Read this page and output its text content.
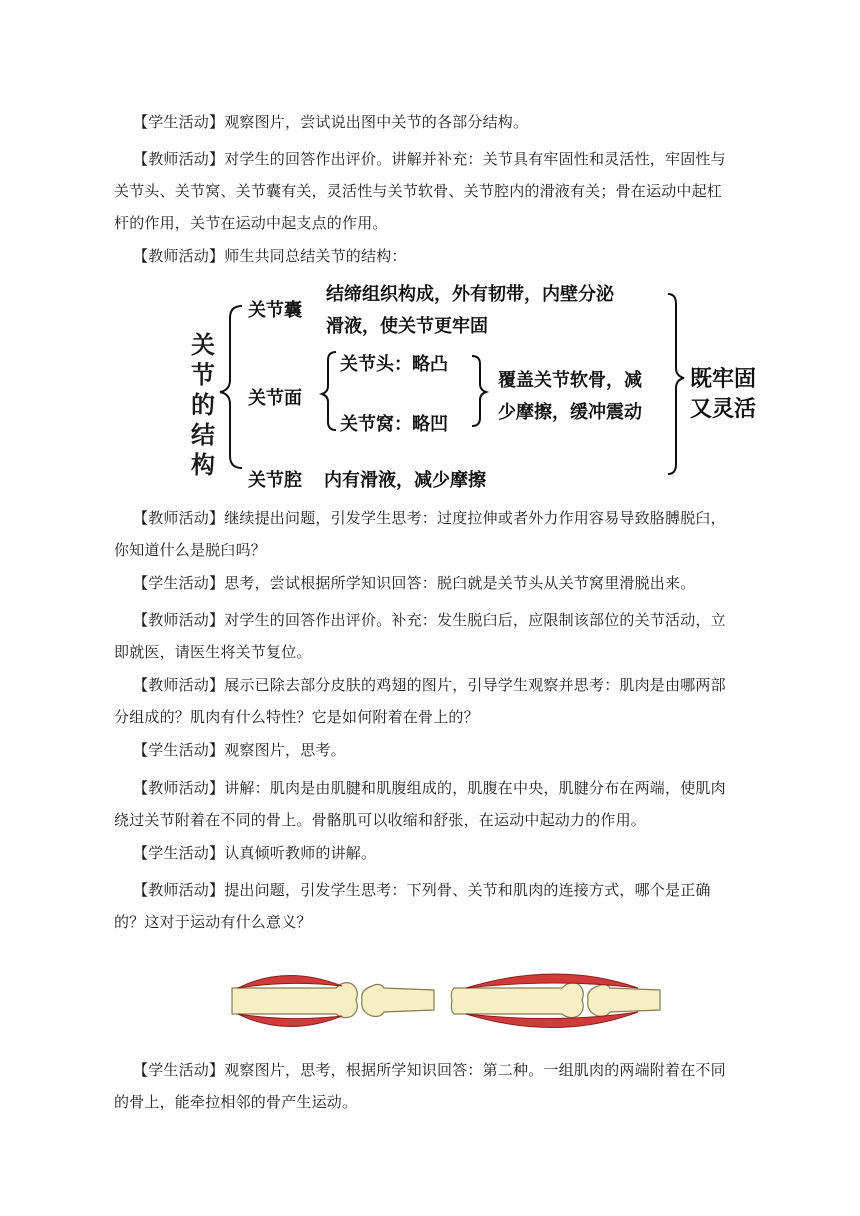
【学生活动】观察图片，尝试说出图中关节的各部分结构。

【教师活动】对学生的回答作出评价。讲解并补充：关节具有牢固性和灵活性，牢固性与关节头、关节窝、关节囊有关，灵活性与关节软骨、关节腔内的滑液有关；骨在运动中起杠杆的作用，关节在运动中起支点的作用。

【教师活动】师生共同总结关节的结构：

关
节
的
结
构
关节囊
结缔组织构成，外有韧带，内壁分泌
滑液，使关节更牢固
关节面
关节头：略凸
关节窝：略凹
覆盖关节软骨，减
少摩擦，缓冲震动
关节腔 内有滑液，减少摩擦
既牢固
又灵活

【教师活动】继续提出问题，引发学生思考：过度拉伸或者外力作用容易导致胳膊脱臼，你知道什么是脱臼吗？

【学生活动】思考，尝试根据所学知识回答：脱臼就是关节头从关节窝里滑脱出来。

【教师活动】对学生的回答作出评价。补充：发生脱臼后，应限制该部位的关节活动，立即就医，请医生将关节复位。

【教师活动】展示已除去部分皮肤的鸡翅的图片，引导学生观察并思考：肌肉是由哪两部分组成的？肌肉有什么特性？它是如何附着在骨上的？

【学生活动】观察图片，思考。

【教师活动】讲解：肌肉是由肌腱和肌腹组成的，肌腹在中央，肌腱分布在两端，使肌肉绕过关节附着在不同的骨上。骨骼肌可以收缩和舒张，在运动中起动力的作用。

【学生活动】认真倾听教师的讲解。

【教师活动】提出问题，引发学生思考：下列骨、关节和肌肉的连接方式，哪个是正确的？这对于运动有什么意义？

【学生活动】观察图片，思考，根据所学知识回答：第二种。一组肌肉的两端附着在不同的骨上，能牵拉相邻的骨产生运动。
